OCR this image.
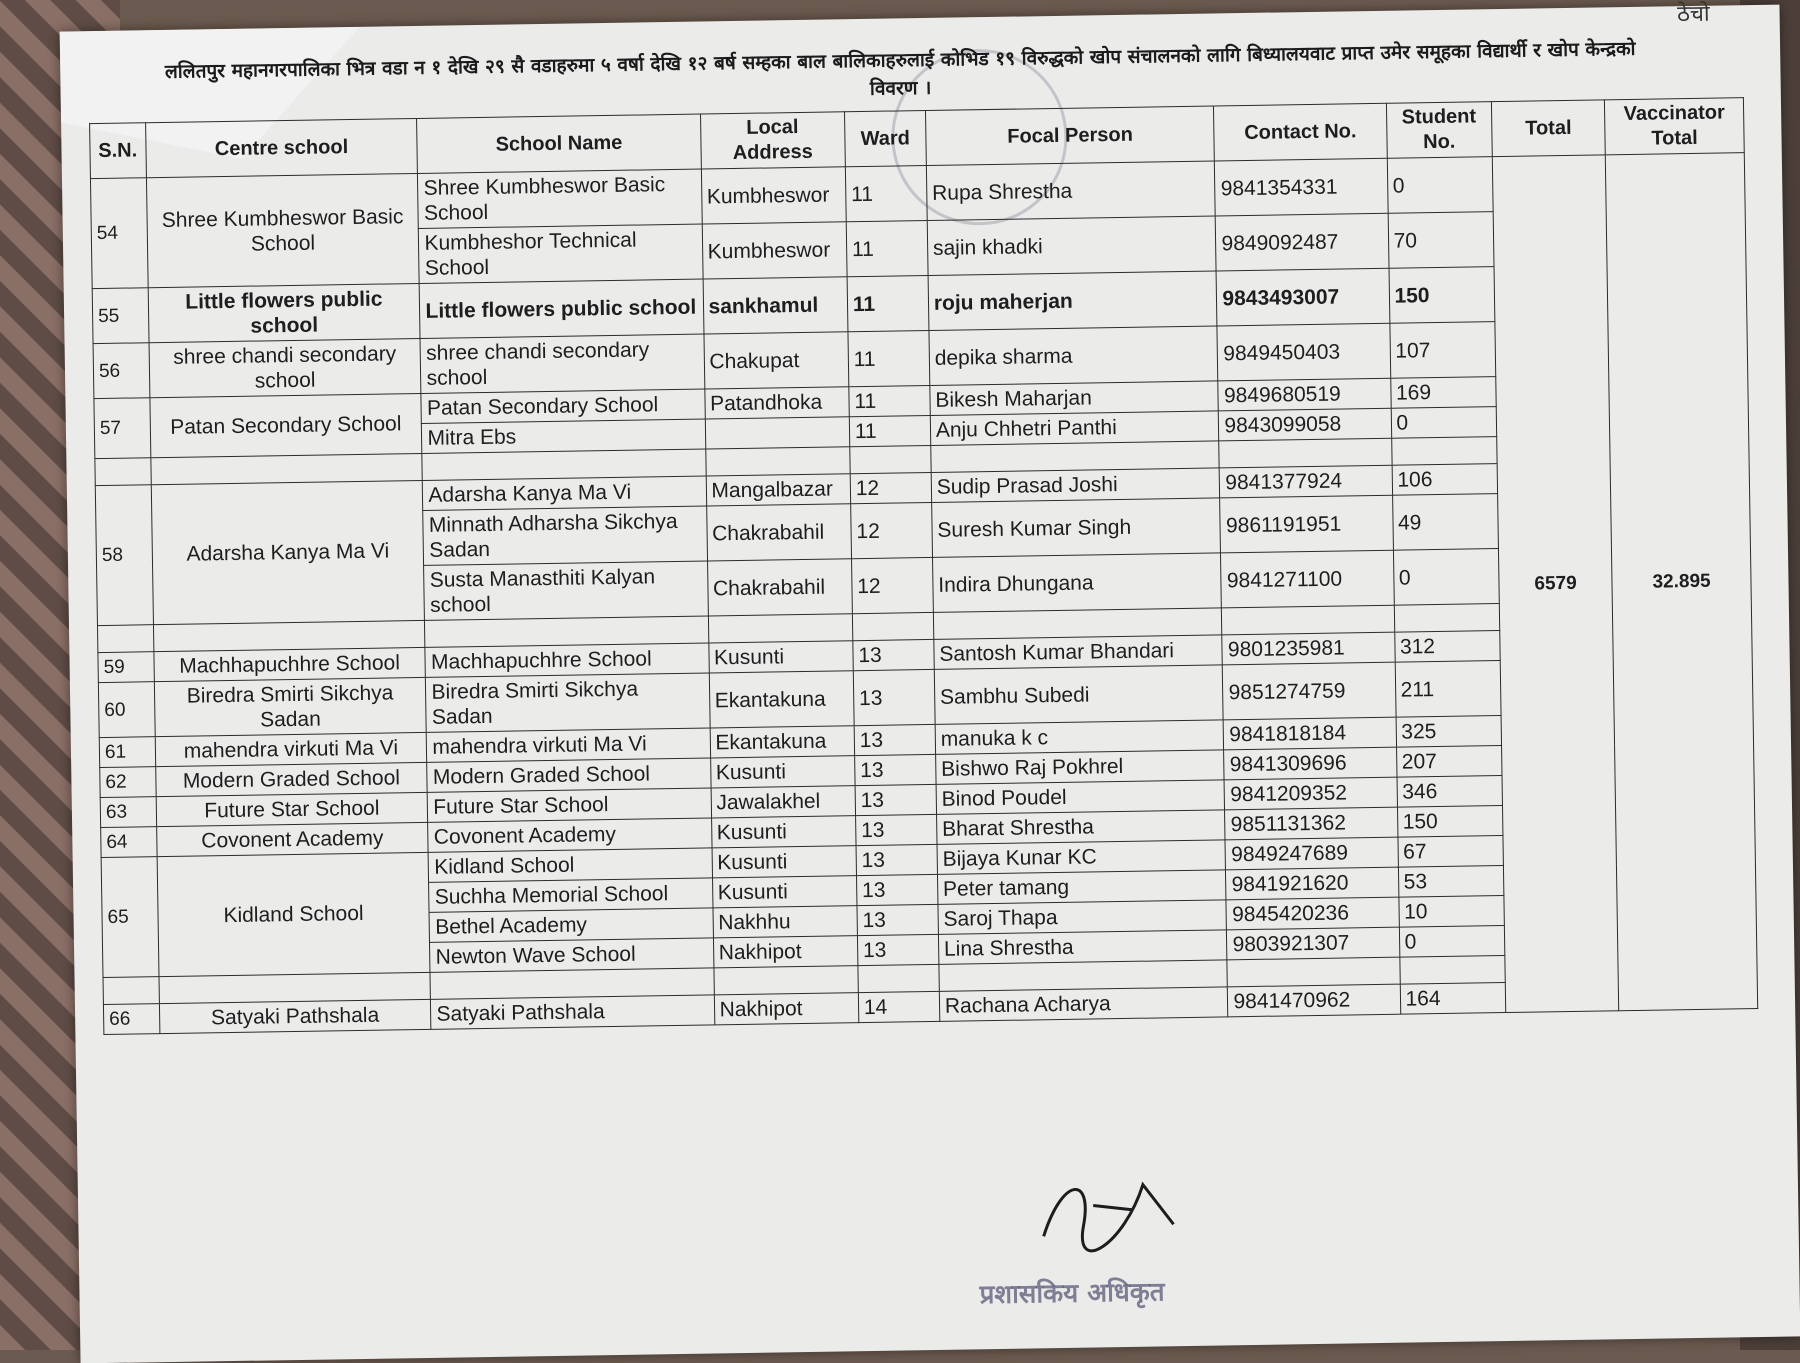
ठेचो
ललितपुर महानगरपालिका भित्र वडा न १ देखि २९ सै वडाहरुमा ५ वर्षा देखि १२ बर्ष सम्हका बाल बालिकाहरुलाई कोभिड १९ विरुद्धको खोप संचालनको लागि बिध्यालयवाट प्राप्त उमेर समूहका विद्यार्थी र खोप केन्द्रको विवरण ।
S.N.	Centre school	School Name	Local Address	Ward	Focal Person	Contact No.	Student No.	Total	Vaccinator Total
54	Shree Kumbheswor Basic School	Shree Kumbheswor Basic School	Kumbheswor	11	Rupa Shrestha	9841354331	0	6579	32.895
		Kumbheshor Technical School	Kumbheswor	11	sajin khadki	9849092487	70		
55	Little flowers public school	Little flowers public school	sankhamul	11	roju maherjan	9843493007	150		
56	shree chandi secondary school	shree chandi secondary school	Chakupat	11	depika sharma	9849450403	107		
57	Patan Secondary School	Patan Secondary School	Patandhoka	11	Bikesh Maharjan	9849680519	169		
		Mitra Ebs		11	Anju Chhetri Panthi	9843099058	0		

58	Adarsha Kanya Ma Vi	Adarsha Kanya Ma Vi	Mangalbazar	12	Sudip Prasad Joshi	9841377924	106		
		Minnath Adharsha Sikchya Sadan	Chakrabahil	12	Suresh Kumar Singh	9861191951	49		
		Susta Manasthiti Kalyan school	Chakrabahil	12	Indira Dhungana	9841271100	0		

59	Machhapuchhre School	Machhapuchhre School	Kusunti	13	Santosh Kumar Bhandari	9801235981	312		
60	Biredra Smirti Sikchya Sadan	Biredra Smirti Sikchya Sadan	Ekantakuna	13	Sambhu Subedi	9851274759	211		
61	mahendra virkuti Ma Vi	mahendra virkuti Ma Vi	Ekantakuna	13	manuka k c	9841818184	325		
62	Modern Graded School	Modern Graded School	Kusunti	13	Bishwo Raj Pokhrel	9841309696	207		
63	Future Star School	Future Star School	Jawalakhel	13	Binod Poudel	9841209352	346		
64	Covonent Academy	Covonent Academy	Kusunti	13	Bharat Shrestha	9851131362	150		
65	Kidland School	Kidland School	Kusunti	13	Bijaya Kunar KC	9849247689	67		
		Suchha Memorial School	Kusunti	13	Peter tamang	9841921620	53		
		Bethel Academy	Nakhhu	13	Saroj Thapa	9845420236	10		
		Newton Wave School	Nakhipot	13	Lina Shrestha	9803921307	0		

66	Satyaki Pathshala	Satyaki Pathshala	Nakhipot	14	Rachana Acharya	9841470962	164		
प्रशासकिय अधिकृत
